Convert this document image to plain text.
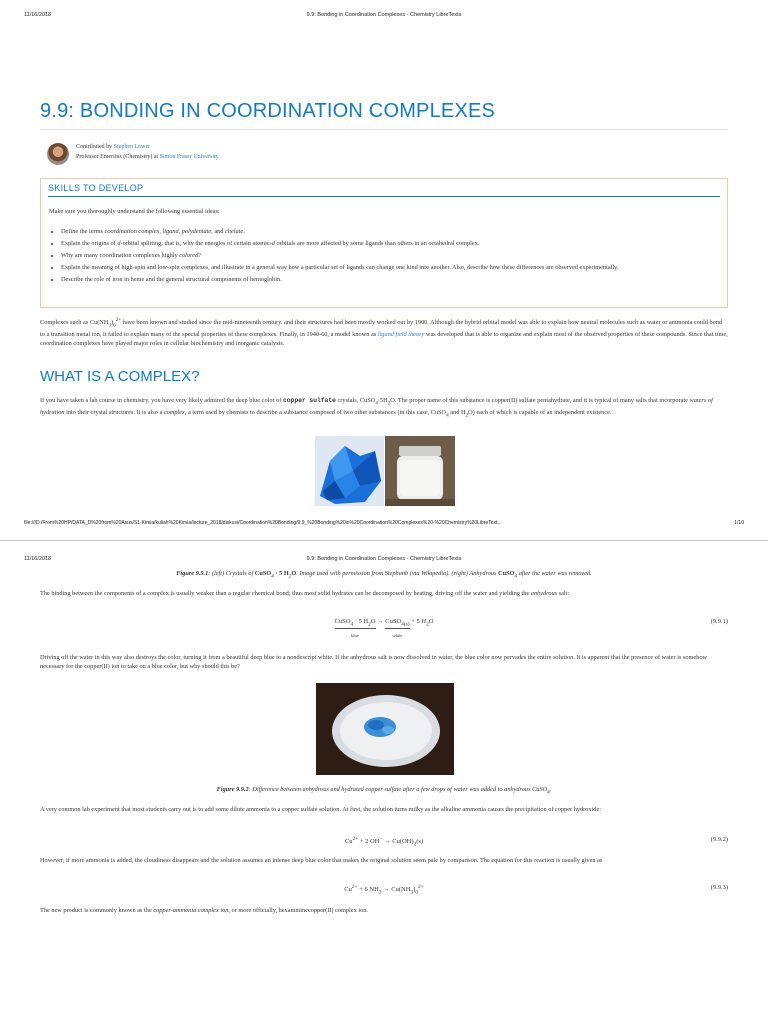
11/16/2018	9.9: Bonding in Coordination Complexes - Chemistry LibreTexts
9.9: BONDING IN COORDINATION COMPLEXES
Contributed by Stephen Lower
Professor Emeritus (Chemistry) at Simon Fraser University
SKILLS TO DEVELOP
Make sure you thoroughly understand the following essential ideas:
• Define the terms coordination complex, ligand, polydentate, and chelate.
• Explain the origins of d-orbital splitting; that is, why the energies of certain atomic-d orbitals are more affected by some ligands than others in an octahedral complex.
• Why are many coordination complexes highly colored?
• Explain the meaning of high-spin and low-spin complexes, and illustrate in a general way how a particular set of ligands can change one kind into another. Also, describe how these differences are observed experimentally.
• Describe the role of iron in heme and the general structural components of hemoglobin.
Complexes such as $Cu(NH_3)_6^{2+}$ have been known and studied since the mid-nineteenth century. and their structures had been mostly worked out by 1900. Although the hybrid orbital model was able to explain how neutral molecules such as water or ammonia could bond to a transition metal ion, it failed to explain many of the special properties of these complexes. Finally, in 1940-60, a model known as ligand field theory was developed that is able to organize and explain most of the observed properties of these compounds. Since that time, coordination complexes have played major roles in cellular biochemistry and inorganic catalysis.
WHAT IS A COMPLEX?
If you have taken a lab course in chemistry, you have very likely admired the deep blue color of copper sulfate crystals, $CuSO_4\cdot 5H_2O$. The proper name of this substance is copper(II) sulfate pentahydrate, and it is typical of many salts that incorporate waters of hydration into their crystal structures. It is also a complex, a term used by chemists to describe a substance composed of two other substances (in this case, CuSO$_4$ and $H_2O$) each of which is capable of an independent existence.
file:///D:/From%20HP/DATA_D%20from%20Asus/S1-Kimia/kuliah%20Kimia/lecture_2018/diskusi/Coordination%20Bonding/9.9_%20Bonding%20in%20Coordination%20Complexes%20-%20Chemistry%20LibreText...	1/10
11/16/2018	9.9: Bonding in Coordination Complexes - Chemistry LibreTexts
Figure 9.9.1: (left) Crystals of CuSO$_4$ · 5 $H_2O$. Image used with permission from Stephanb (via Wikipedia). (right) Anhydrous CuSO$_4$ after the water was removed.
The binding between the components of a complex is usually weaker than a regular chemical bond; thus most solid hydrates can be decomposed by heating, driving off the water and yielding the anhydrous salt:
CuSO$_4$ · 5 $H_2O$
blue
→ CuSO$_{4(s)}$
white
+ 5 $H_2O$	(9.9.1)
Driving off the water in this way also destroys the color, turning it from a beautiful deep blue to a nondescript white. If the anhydrous salt is now dissolved in water, the blue color now pervades the entire solution. It is apparent that the presence of water is somehow necessary for the copper(II) ion to take on a blue color, but why should this be?
Figure 9.9.2: Difference between anhydrous and hydrated copper sulfate after a few drops of water was added to anhydrous CuSO$_4$.
A very common lab experiment that most students carry out is to add some dilute ammonia to a copper sulfate solution. At first, the solution turns milky as the alkaline ammonia causes the precipitation of copper hydroxide:
$Cu^{2+} + 2$ $OH^- \to Cu(OH)_2(s)$	(9.9.2)
However, if more ammonia is added, the cloudiness disappears and the solution assumes an intense deep blue color that makes the original solution seem pale by comparison. The equation for this reaction is usually given as
$Cu^{2+} + 6$ $NH_3 \to Cu(NH_3)_6^{2+}$	(9.9.3)
The new product is commonly known as the copper-ammonia complex ion, or more officially, hexamminecopper(II) complex ion.
